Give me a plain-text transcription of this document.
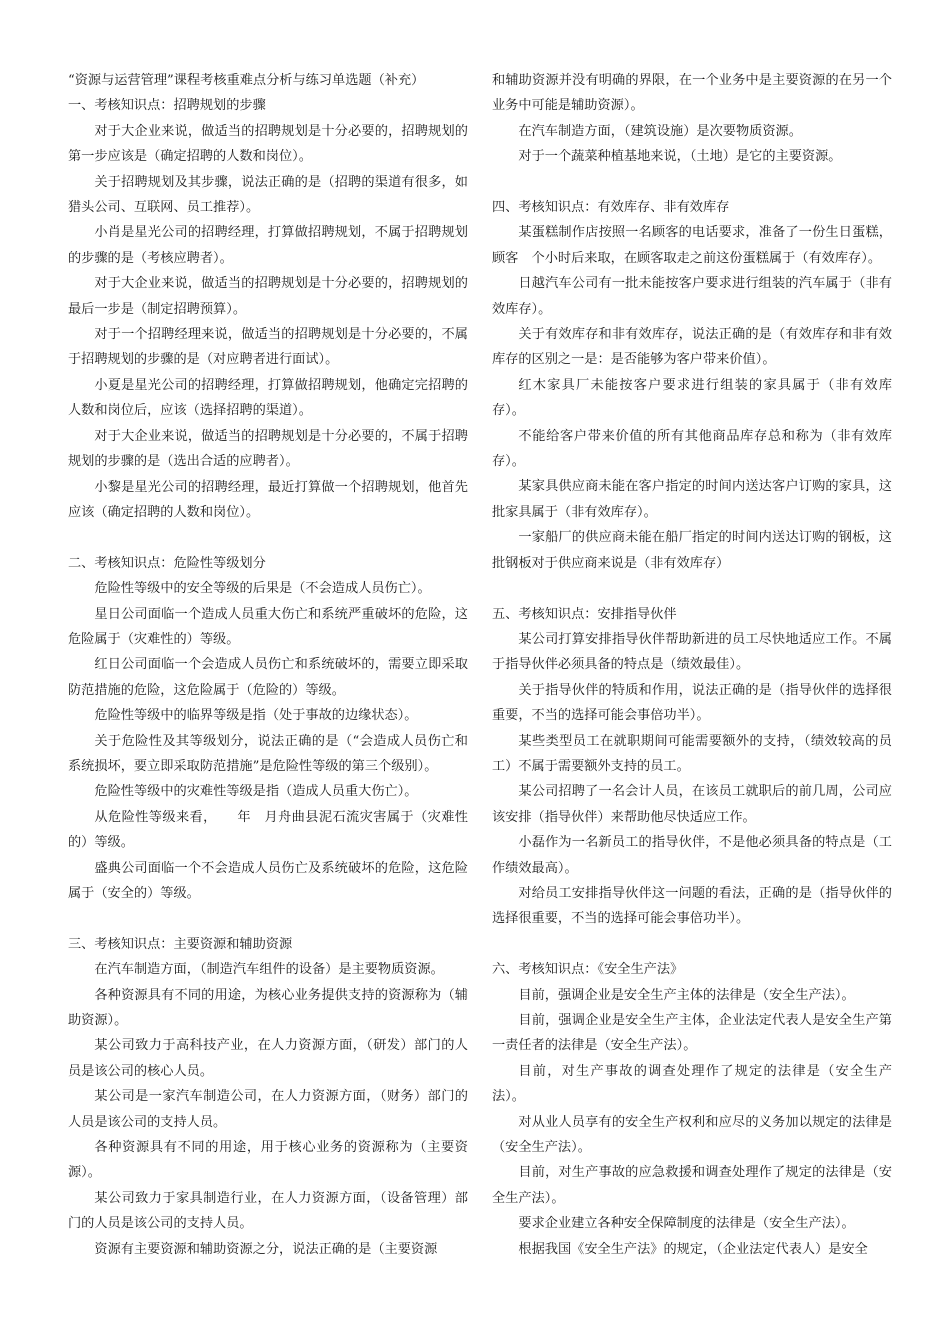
“资源与运营管理”课程考核重难点分析与练习单选题（补充）

一、考核知识点：招聘规划的步骤

对于大企业来说，做适当的招聘规划是十分必要的，招聘规划的第一步应该是（确定招聘的人数和岗位）。

关于招聘规划及其步骤，说法正确的是（招聘的渠道有很多，如猎头公司、互联网、员工推荐）。

小肖是星光公司的招聘经理，打算做招聘规划，不属于招聘规划的步骤的是（考核应聘者）。

对于大企业来说，做适当的招聘规划是十分必要的，招聘规划的最后一步是（制定招聘预算）。

对于一个招聘经理来说，做适当的招聘规划是十分必要的，不属于招聘规划的步骤的是（对应聘者进行面试）。

小夏是星光公司的招聘经理，打算做招聘规划，他确定完招聘的人数和岗位后，应该（选择招聘的渠道）。

对于大企业来说，做适当的招聘规划是十分必要的，不属于招聘规划的步骤的是（选出合适的应聘者）。

小黎是星光公司的招聘经理，最近打算做一个招聘规划，他首先应该（确定招聘的人数和岗位）。

二、考核知识点：危险性等级划分

危险性等级中的安全等级的后果是（不会造成人员伤亡）。

星日公司面临一个造成人员重大伤亡和系统严重破坏的危险，这危险属于（灾难性的）等级。

红日公司面临一个会造成人员伤亡和系统破坏的，需要立即采取防范措施的危险，这危险属于（危险的）等级。

危险性等级中的临界等级是指（处于事故的边缘状态）。

关于危险性及其等级划分，说法正确的是（“会造成人员伤亡和系统损坏，要立即采取防范措施”是危险性等级的第三个级别）。

危险性等级中的灾难性等级是指（造成人员重大伤亡）。

从危险性等级来看，　　年　月舟曲县泥石流灾害属于（灾难性的）等级。

盛典公司面临一个不会造成人员伤亡及系统破坏的危险，这危险属于（安全的）等级。

三、考核知识点：主要资源和辅助资源

在汽车制造方面，（制造汽车组件的设备）是主要物质资源。

各种资源具有不同的用途，为核心业务提供支持的资源称为（辅助资源）。

某公司致力于高科技产业，在人力资源方面，（研发）部门的人员是该公司的核心人员。

某公司是一家汽车制造公司，在人力资源方面，（财务）部门的人员是该公司的支持人员。

各种资源具有不同的用途，用于核心业务的资源称为（主要资源）。

某公司致力于家具制造行业，在人力资源方面，（设备管理）部门的人员是该公司的支持人员。

资源有主要资源和辅助资源之分，说法正确的是（主要资源

和辅助资源并没有明确的界限，在一个业务中是主要资源的在另一个业务中可能是辅助资源）。

在汽车制造方面，（建筑设施）是次要物质资源。

对于一个蔬菜种植基地来说，（土地）是它的主要资源。

四、考核知识点：有效库存、非有效库存

某蛋糕制作店按照一名顾客的电话要求，准备了一份生日蛋糕，顾客　个小时后来取，在顾客取走之前这份蛋糕属于（有效库存）。

日越汽车公司有一批未能按客户要求进行组装的汽车属于（非有效库存）。

关于有效库存和非有效库存，说法正确的是（有效库存和非有效库存的区别之一是：是否能够为客户带来价值）。

红木家具厂未能按客户要求进行组装的家具属于（非有效库存）。

不能给客户带来价值的所有其他商品库存总和称为（非有效库存）。

某家具供应商未能在客户指定的时间内送达客户订购的家具，这批家具属于（非有效库存）。

一家船厂的供应商未能在船厂指定的时间内送达订购的钢板，这批钢板对于供应商来说是（非有效库存）

五、考核知识点：安排指导伙伴

某公司打算安排指导伙伴帮助新进的员工尽快地适应工作。不属于指导伙伴必须具备的特点是（绩效最佳）。

关于指导伙伴的特质和作用，说法正确的是（指导伙伴的选择很重要，不当的选择可能会事倍功半）。

某些类型员工在就职期间可能需要额外的支持，（绩效较高的员工）不属于需要额外支持的员工。

某公司招聘了一名会计人员，在该员工就职后的前几周，公司应该安排（指导伙伴）来帮助他尽快适应工作。

小磊作为一名新员工的指导伙伴，不是他必须具备的特点是（工作绩效最高）。

对给员工安排指导伙伴这一问题的看法，正确的是（指导伙伴的选择很重要，不当的选择可能会事倍功半）。

六、考核知识点：《安全生产法》

目前，强调企业是安全生产主体的法律是（安全生产法）。

目前，强调企业是安全生产主体，企业法定代表人是安全生产第一责任者的法律是（安全生产法）。

目前，对生产事故的调查处理作了规定的法律是（安全生产法）。

对从业人员享有的安全生产权利和应尽的义务加以规定的法律是（安全生产法）。

目前，对生产事故的应急救援和调查处理作了规定的法律是（安全生产法）。

要求企业建立各种安全保障制度的法律是（安全生产法）。

根据我国《安全生产法》的规定，（企业法定代表人）是安全
